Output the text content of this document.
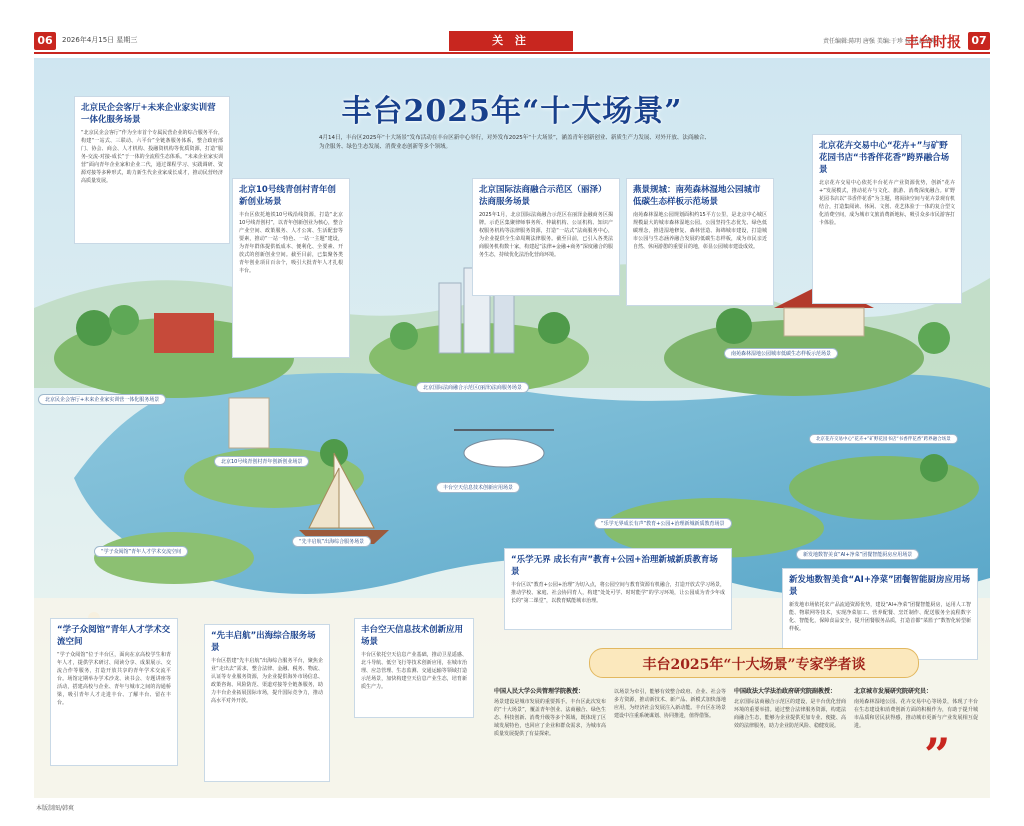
06	2026年4月15日 星期三	关 注	责任编辑:陈明 唐强 美编:于珍 校对:赵华阳
丰台时报 07
丰台2025年“十大场景”
4月14日，丰台区2025年“十大场景”发布活动在丰台区新中心举行，对外发布2025年“十大场景”，涵盖青年创新创业、新质生产力发展、对外开放、法商融合、为企服务、绿色生态发展、消费业态创新等多个领域。
北京民企会客厅+未来企业家实训营一体化服务场景

“北京民企会客厅”作为全市首个专属民营企业的综合服务平台，构建“一站式、三联动、六平台”全链条服务体系，整合政府部门、协会、商会、人才机构、投融资机构等优质资源，打造“服务-交流-对接-成长”于一体的全流程生态体系。“未来企业家实训营”面向青年企业家和企业二代，通过课程学习、实践调研、资源对接等多种形式，助力新生代企业家成长成才，推动民营经济高质量发展。

北京10号线青创村青年创新创业场景

丰台区依托地铁10号线沿线资源，打造“北京10号线青创村”，以青年创新创业为核心，整合产业空间、政策服务、人才公寓、生活配套等要素，推动“一站一特色、一站一主题”建设，为青年群体提供低成本、便利化、全要素、开放式的创新创业空间。截至目前，已集聚各类青年创业项目百余个，吸引大批青年人才扎根丰台。

北京国际法商融合示范区（丽泽）法商服务场景

2025年1月，北京国际法商融合示范区在丽泽金融商务区揭牌。示范区集聚律师事务所、仲裁机构、公证机构、知识产权服务机构等法律服务资源，打造“一站式”法商服务中心，为企业提供全生命周期法律服务。截至目前，已引入各类法商服务机构数十家，构建起“法律+金融+商务”深度融合的服务生态，持续优化法治化营商环境。

燕景规城：南苑森林湿地公园城市低碳生态样板示范场景

南苑森林湿地公园规划面积约15平方公里，是北京中心城区规模最大的城市森林湿地公园。公园坚持生态优先、绿色低碳理念，推进湿地修复、森林营造、海绵城市建设，打造城市公园与生态涵养融合发展的低碳生态样板，成为市民亲近自然、休闲游憩的重要目的地，彰显公园城市建设成效。

北京花卉交易中心“花卉+”与矿野花园书店“书香伴花香”跨界融合场景

北京花卉交易中心依托丰台花卉产业资源优势，创新“花卉+”发展模式，推动花卉与文化、旅游、消费深度融合。矿野花园书店以“书香伴花香”为主题，将阅读空间与花卉景观有机结合，打造集阅读、休闲、文创、花艺体验于一体的复合型文化消费空间，成为城市文旅消费新地标，吸引众多市民游客打卡体验。

“学子众阅馆”青年人才学术交流空间

“学子众阅馆”位于丰台区，面向在京高校学生和青年人才，提供学术研讨、阅读分享、成果展示、交流合作等服务，打造开放共享的青年学术交流平台。场馆定期举办学术沙龙、读书会、专题讲座等活动，搭建高校与企业、青年与城市之间的沟通桥梁，吸引青年人才走进丰台、了解丰台、留在丰台。

“先丰启航”出海综合服务场景

丰台区搭建“先丰启航”出海综合服务平台，聚焦企业“走出去”需求，整合法律、金融、税务、物流、认证等专业服务资源，为企业提供海外市场信息、政策咨询、风险防范、渠道对接等全链条服务，助力丰台企业拓展国际市场，提升国际竞争力，推动高水平对外开放。

丰台空天信息技术创新应用场景

丰台区依托空天信息产业基础，推动卫星遥感、北斗导航、低空飞行等技术创新应用，在城市治理、应急管理、生态监测、交通运输等领域打造示范场景，加快构建空天信息产业生态，培育新质生产力。

“乐学无界 成长有声”教育+公园+治理新城新质教育场景

丰台区以“教育+公园+治理”为切入点，将公园空间与教育资源有机融合，打造开放式学习场景，推动学校、家庭、社会协同育人，构建“处处可学、时时能学”的学习环境，让公园成为青少年成长的“第二课堂”，以教育赋能城市治理。

新发地数智美食“AI+净菜”团餐智能厨房应用场景

新发地市场依托农产品流通资源优势，建设“AI+净菜”团餐智能厨房，运用人工智能、物联网等技术，实现净菜加工、营养配餐、烹饪制作、配送服务全流程数字化、智能化，保障食品安全，提升团餐服务品质，打造首都“菜篮子”数智化转型新样板。

北京民企会客厅+未来企业家实训营一体化服务场景
北京10号线青创村青年创新创业场景
北京国际法商融合示范区(丽泽)法商服务场景
南苑森林湿地公园城市低碳生态样板示范场景
北京花卉交易中心“花卉+”矿野花园书店“书香伴花香”跨界融合场景
丰台空天信息技术创新应用场景
“学子众阅馆”青年人才学术交流空间
“先丰启航”出海综合服务场景
“乐学无界成长有声”教育+公园+治理新城新质教育场景
新发地数智美食“AI+净菜”团餐智能厨房应用场景
丰台2025年“十大场景”专家学者谈
中国人民大学公共管理学院教授：
场景建设是城市发展的重要抓手。丰台区此次发布的“十大场景”，覆盖青年创业、法商融合、绿色生态、科技创新、消费升级等多个领域，既体现了区域发展特色，也回应了企业和群众需求，为城市高质量发展提供了有益探索。
以场景为牵引，能够有效整合政府、企业、社会等多方资源，推动新技术、新产品、新模式加快落地应用，为经济社会发展注入新动能。丰台区在场景建设中注重系统谋划、协同推进，值得借鉴。
中国政法大学法治政府研究院副教授：
北京国际法商融合示范区的建设，是丰台优化营商环境的重要举措。通过整合法律服务资源，构建法商融合生态，能够为企业提供更加专业、便捷、高效的法律服务，助力企业防范风险、稳健发展。
北京城市发展研究院研究员：
南苑森林湿地公园、花卉交易中心等场景，体现了丰台在生态建设和消费创新方面的积极作为，有助于提升城市品质和居民获得感，推动城市更新与产业发展相互促进。
”
本版制图/韩爽
